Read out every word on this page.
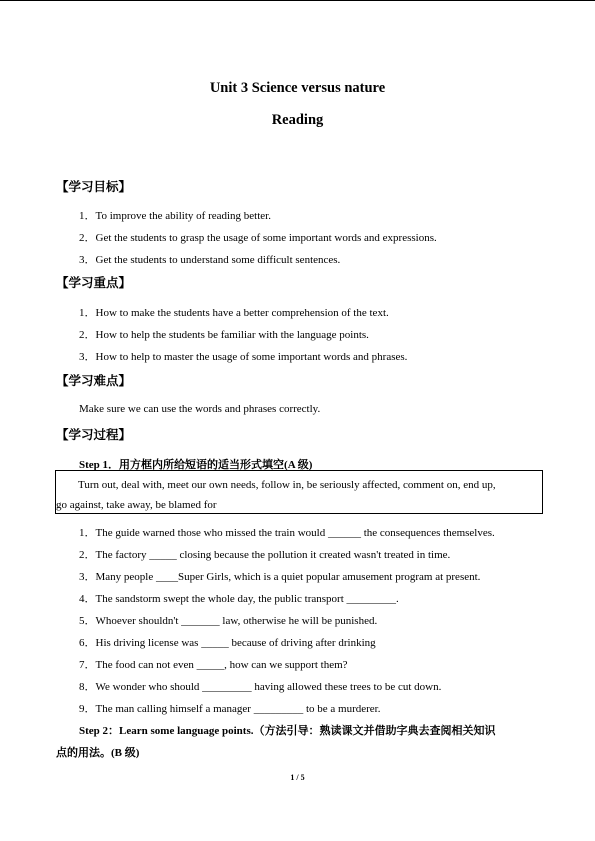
Unit 3 Science versus nature
Reading
【学习目标】
1．To improve the ability of reading better.
2．Get the students to grasp the usage of some important words and expressions.
3．Get the students to understand some difficult sentences.
【学习重点】
1．How to make the students have a better comprehension of the text.
2．How to help the students be familiar with the language points.
3．How to help to master the usage of some important words and phrases.
【学习难点】
Make sure we can use the words and phrases correctly.
【学习过程】
Step 1．用方框内所给短语的适当形式填空(A 级)
Turn out, deal with, meet our own needs, follow in, be seriously affected, comment on, end up,
go against, take away, be blamed for
1．The guide warned those who missed the train would ______ the consequences themselves.
2．The factory _____ closing because the pollution it created wasn't treated in time.
3．Many people ____Super Girls, which is a quiet popular amusement program at present.
4．The sandstorm swept the whole day, the public transport _________.
5．Whoever shouldn't _______ law, otherwise he will be punished.
6．His driving license was _____ because of driving after drinking
7．The food can not even _____, how can we support them?
8．We wonder who should _________ having allowed these trees to be cut down.
9．The man calling himself a manager _________ to be a murderer.
Step 2：Learn some language points.（方法引导：熟读课文并借助字典去查阅相关知识
点的用法。(B 级)
1 / 5
